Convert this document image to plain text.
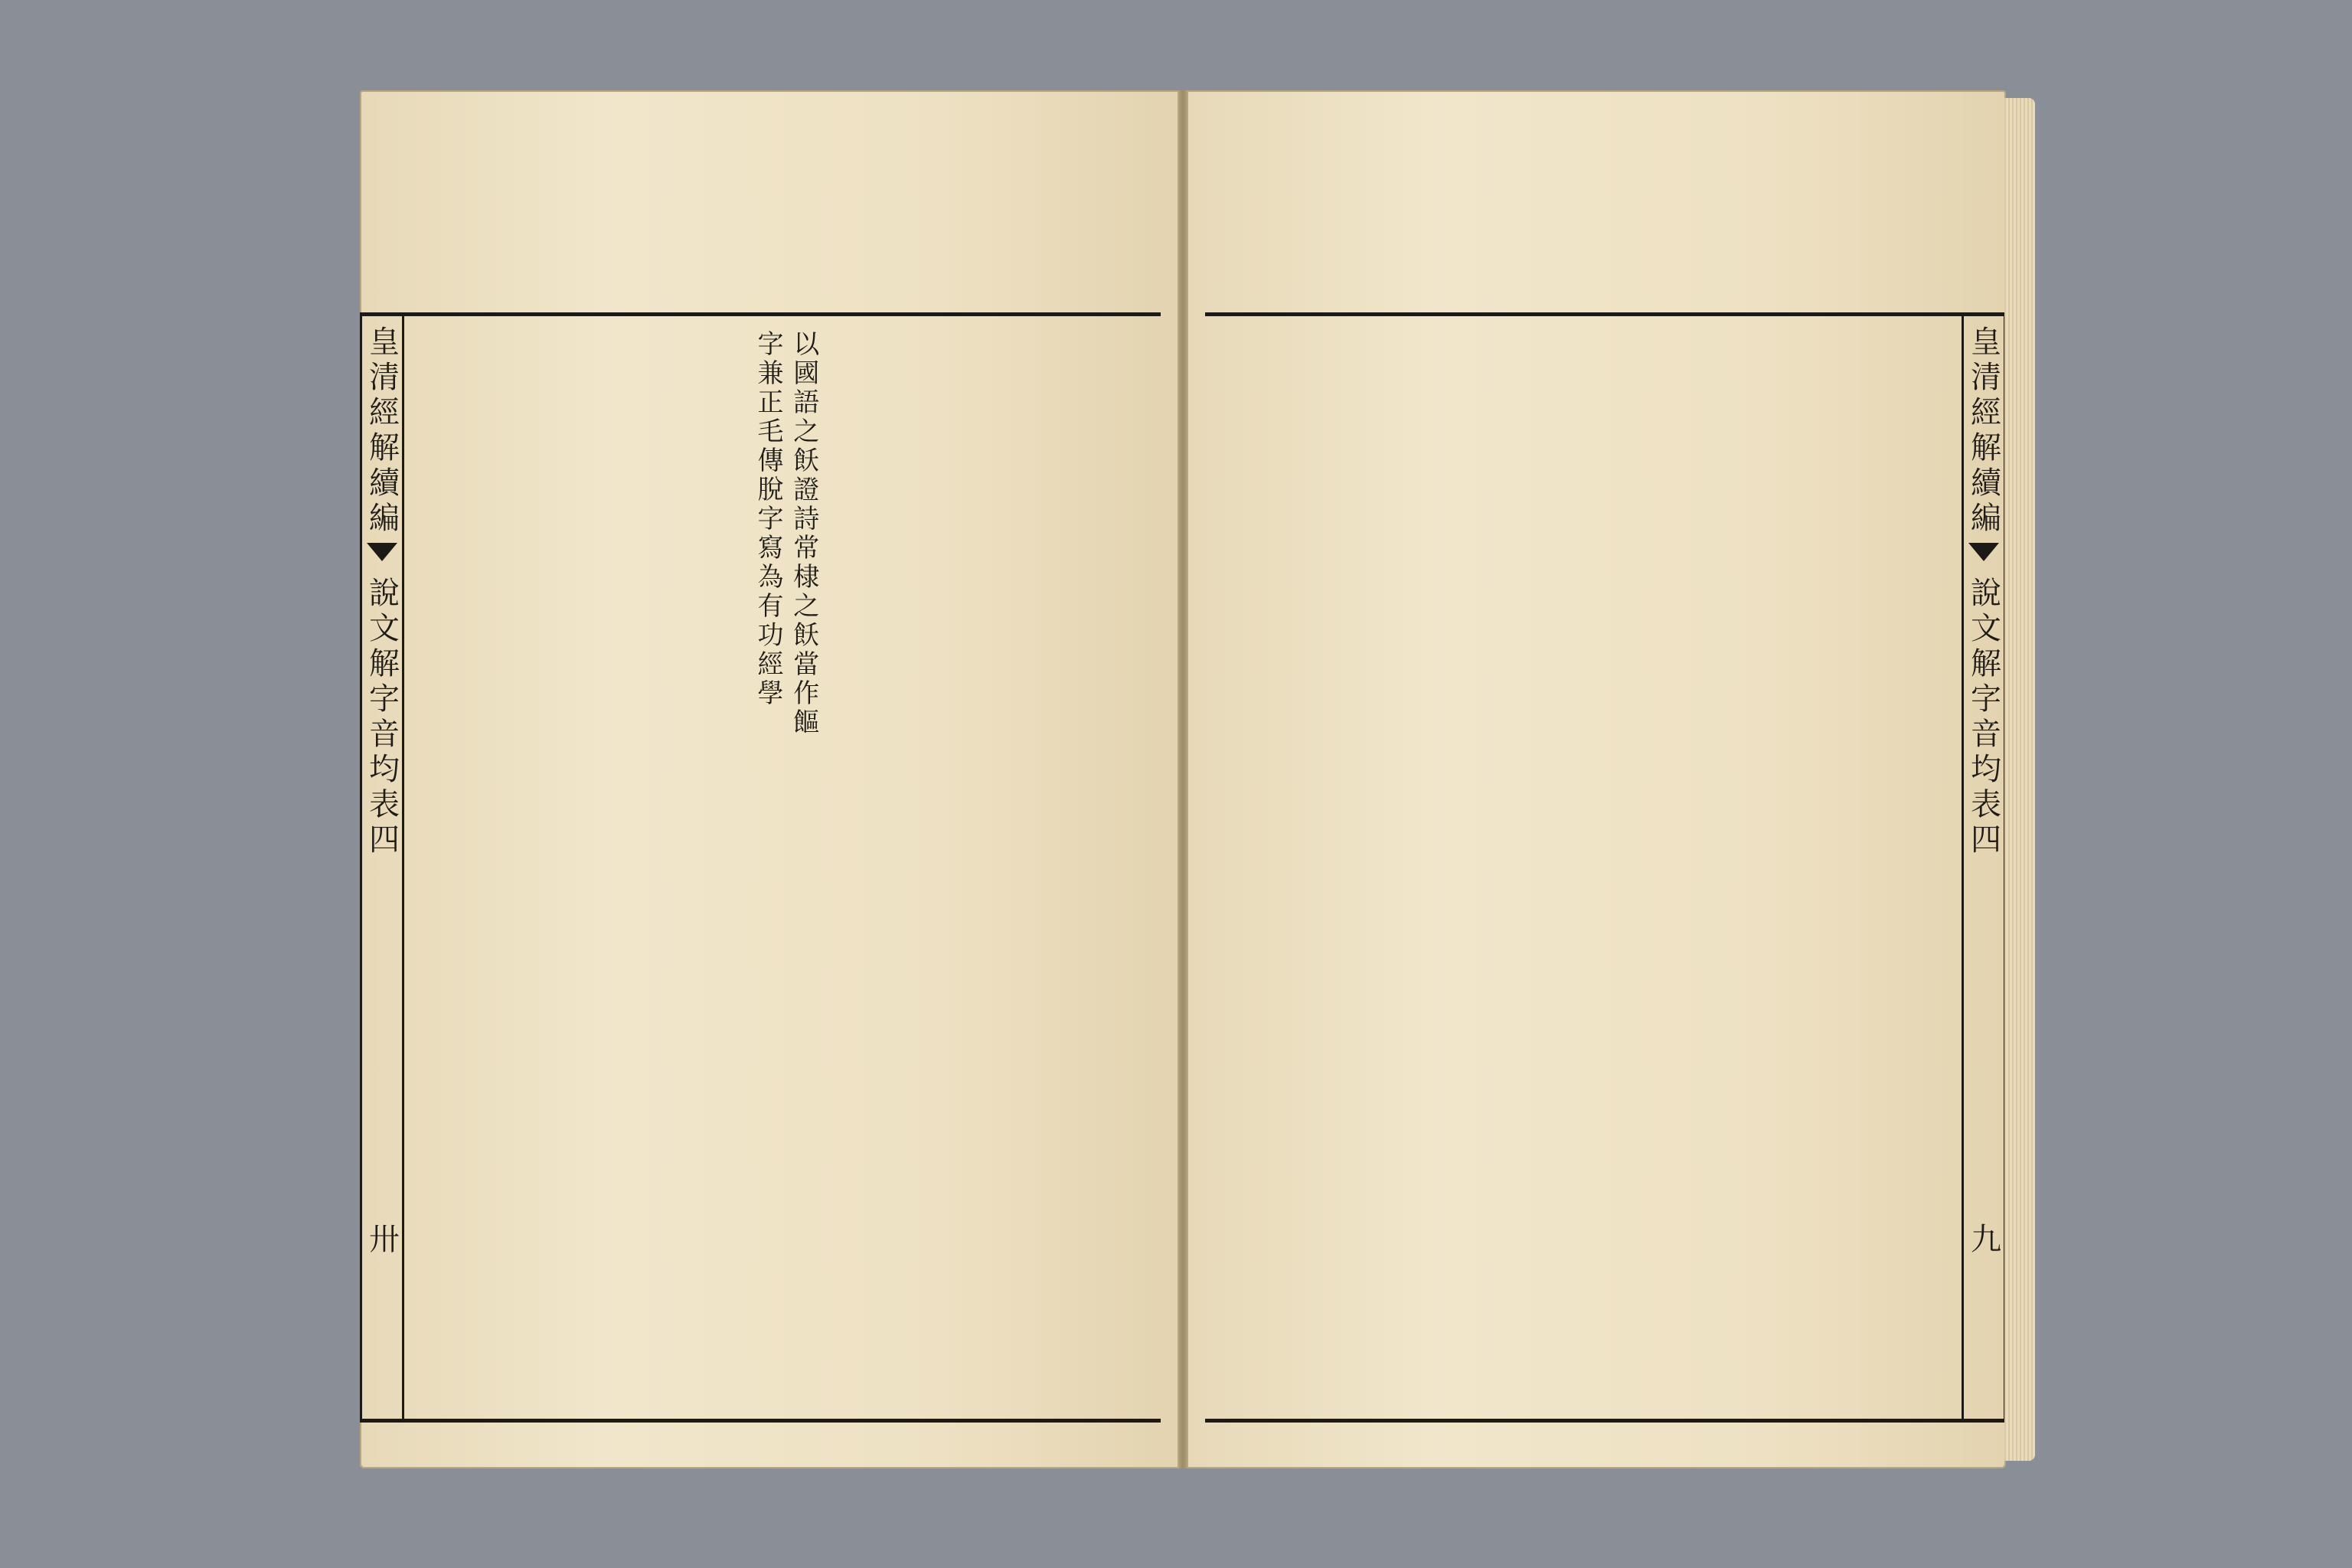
皇清經解續編
說文解字音均表四
卅
皇清經解續編
說文解字音均表四
九
以國語之飫證詩常棣之飫當作饇
字兼正毛傳脫字寫為有功經學
